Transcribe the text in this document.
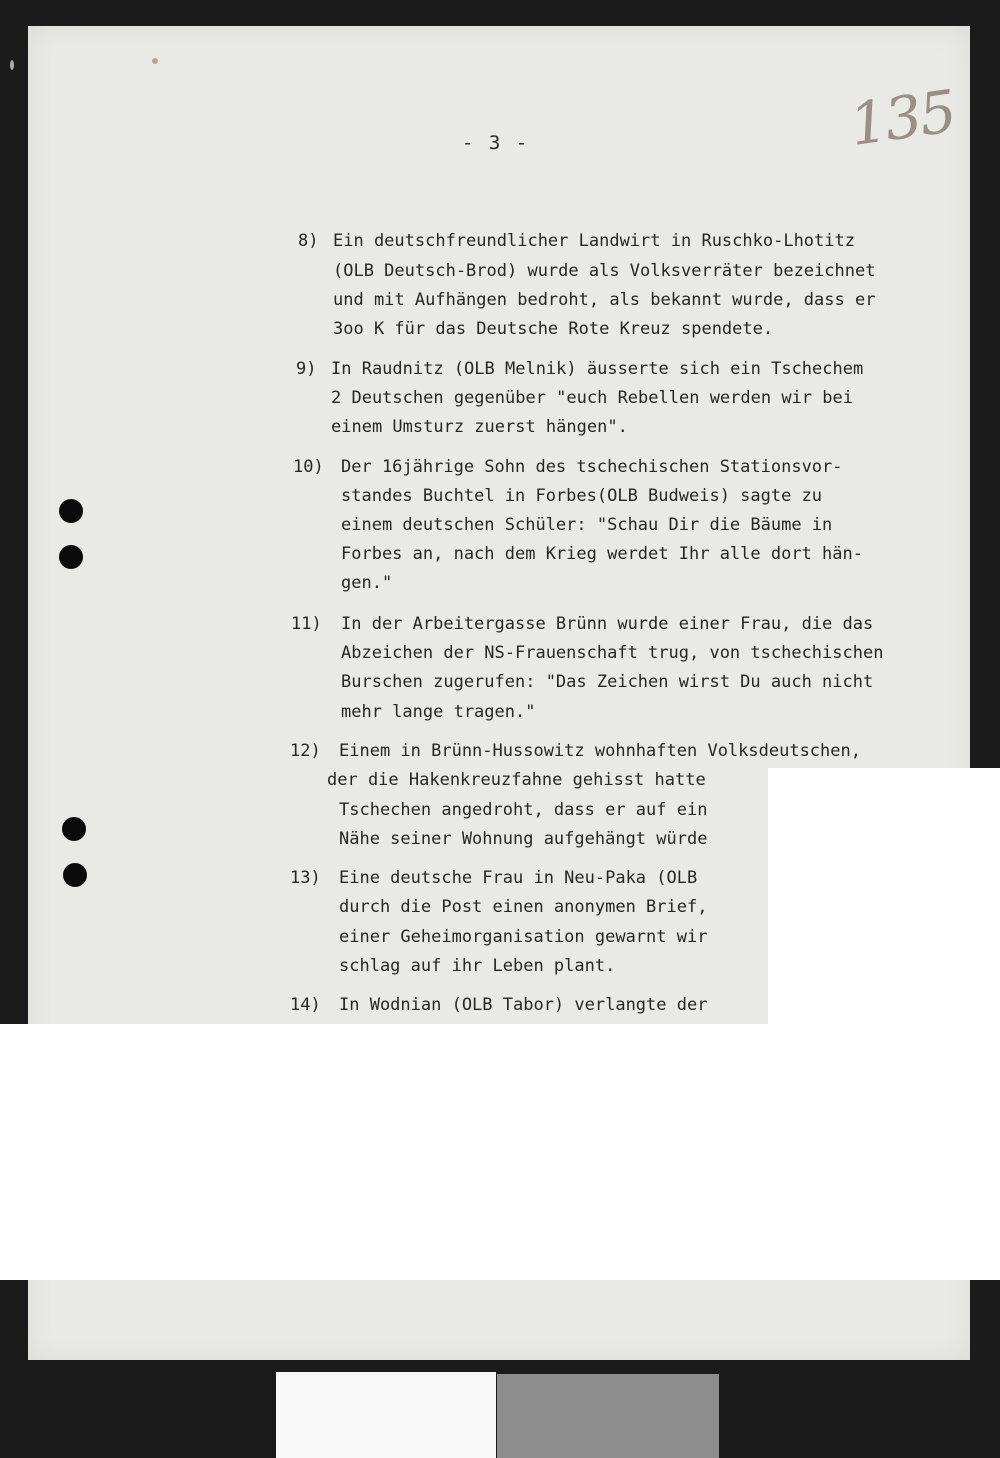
- 3 -	135
8) Ein deutschfreundlicher Landwirt in Ruschko-Lhotitz
(OLB Deutsch-Brod) wurde als Volksverräter bezeichnet
und mit Aufhängen bedroht, als bekannt wurde, dass er
3oo K für das Deutsche Rote Kreuz spendete.
9) In Raudnitz (OLB Melnik) äusserte sich ein Tschechem
2 Deutschen gegenüber "euch Rebellen werden wir bei
einem Umsturz zuerst hängen".
10) Der 16jährige Sohn des tschechischen Stationsvor-
standes Buchtel in Forbes(OLB Budweis) sagte zu
einem deutschen Schüler: "Schau Dir die Bäume in
Forbes an, nach dem Krieg werdet Ihr alle dort hän-
gen."
11) In der Arbeitergasse Brünn wurde einer Frau, die das
Abzeichen der NS-Frauenschaft trug, von tschechischen
Burschen zugerufen: "Das Zeichen wirst Du auch nicht
mehr lange tragen."
12) Einem in Brünn-Hussowitz wohnhaften Volksdeutschen,
der die Hakenkreuzfahne gehisst hatte
Tschechen angedroht, dass er auf ein
Nähe seiner Wohnung aufgehängt würde
13) Eine deutsche Frau in Neu-Paka (OLB
durch die Post einen anonymen Brief,
einer Geheimorganisation gewarnt wir
schlag auf ihr Leben plant.
14) In Wodnian (OLB Tabor) verlangte der
